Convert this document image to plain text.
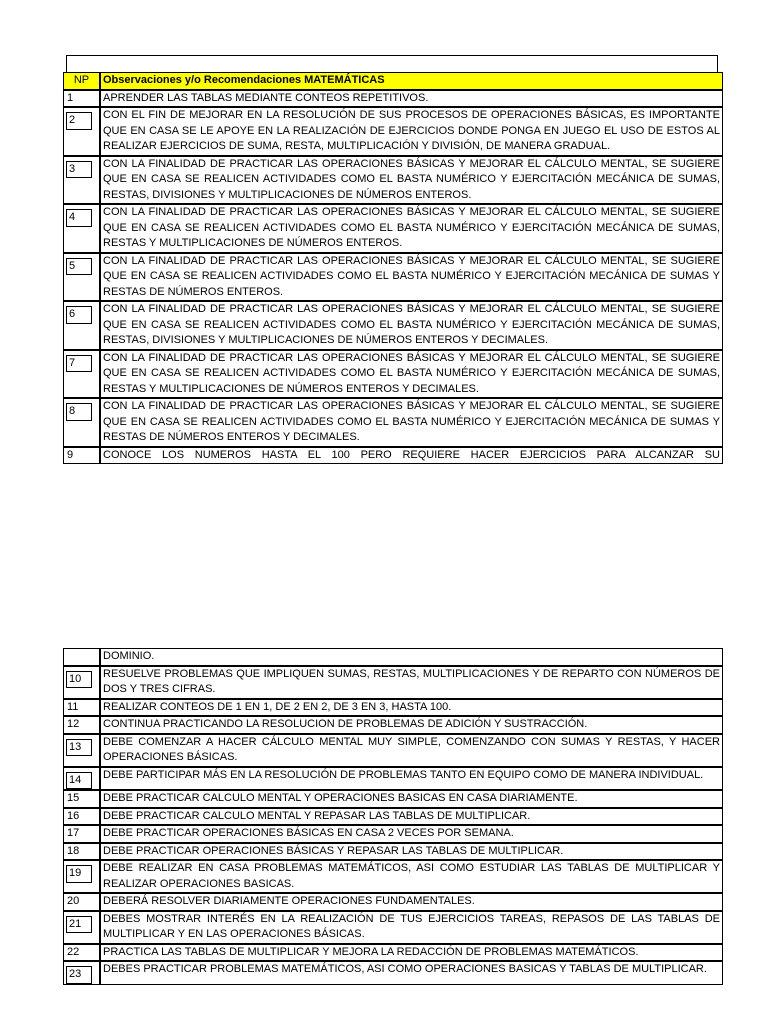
NP	Observaciones y/o Recomendaciones MATEMÁTICAS
1	APRENDER LAS TABLAS MEDIANTE CONTEOS REPETITIVOS.
2	CON EL FIN DE MEJORAR EN LA RESOLUCIÓN DE SUS PROCESOS DE OPERACIONES BÁSICAS, ES IMPORTANTE QUE EN CASA SE LE APOYE EN LA REALIZACIÓN DE EJERCICIOS DONDE PONGA EN JUEGO EL USO DE ESTOS AL REALIZAR EJERCICIOS DE SUMA, RESTA, MULTIPLICACIÓN Y DIVISIÓN, DE MANERA GRADUAL.
3	CON LA FINALIDAD DE PRACTICAR LAS OPERACIONES BÁSICAS Y MEJORAR EL CÁLCULO MENTAL, SE SUGIERE QUE EN CASA SE REALICEN ACTIVIDADES COMO EL BASTA NUMÉRICO Y EJERCITACIÓN MECÁNICA DE SUMAS, RESTAS, DIVISIONES Y MULTIPLICACIONES DE NÚMEROS ENTEROS.
4	CON LA FINALIDAD DE PRACTICAR LAS OPERACIONES BÁSICAS Y MEJORAR EL CÁLCULO MENTAL, SE SUGIERE QUE EN CASA SE REALICEN ACTIVIDADES COMO EL BASTA NUMÉRICO Y EJERCITACIÓN MECÁNICA DE SUMAS, RESTAS Y MULTIPLICACIONES DE NÚMEROS ENTEROS.
5	CON LA FINALIDAD DE PRACTICAR LAS OPERACIONES BÁSICAS Y MEJORAR EL CÁLCULO MENTAL, SE SUGIERE QUE EN CASA SE REALICEN ACTIVIDADES COMO EL BASTA NUMÉRICO Y EJERCITACIÓN MECÁNICA DE SUMAS Y RESTAS DE NÚMEROS ENTEROS.
6	CON LA FINALIDAD DE PRACTICAR LAS OPERACIONES BÁSICAS Y MEJORAR EL CÁLCULO MENTAL, SE SUGIERE QUE EN CASA SE REALICEN ACTIVIDADES COMO EL BASTA NUMÉRICO Y EJERCITACIÓN MECÁNICA DE SUMAS, RESTAS, DIVISIONES Y MULTIPLICACIONES DE NÚMEROS ENTEROS Y DECIMALES.
7	CON LA FINALIDAD DE PRACTICAR LAS OPERACIONES BÁSICAS Y MEJORAR EL CÁLCULO MENTAL, SE SUGIERE QUE EN CASA SE REALICEN ACTIVIDADES COMO EL BASTA NUMÉRICO Y EJERCITACIÓN MECÁNICA DE SUMAS, RESTAS Y MULTIPLICACIONES DE NÚMEROS ENTEROS Y DECIMALES.
8	CON LA FINALIDAD DE PRACTICAR LAS OPERACIONES BÁSICAS Y MEJORAR EL CÁLCULO MENTAL, SE SUGIERE QUE EN CASA SE REALICEN ACTIVIDADES COMO EL BASTA NUMÉRICO Y EJERCITACIÓN MECÁNICA DE SUMAS Y RESTAS DE NÚMEROS ENTEROS Y DECIMALES.
9	CONOCE LOS NUMEROS HASTA EL 100 PERO REQUIERE HACER EJERCICIOS PARA ALCANZAR SU
	DOMINIO.
10	RESUELVE PROBLEMAS QUE IMPLIQUEN SUMAS, RESTAS, MULTIPLICACIONES Y DE REPARTO CON NÚMEROS DE DOS Y TRES CIFRAS.
11	REALIZAR CONTEOS DE 1 EN 1, DE 2 EN 2, DE 3 EN 3, HASTA 100.
12	CONTINUA PRACTICANDO LA RESOLUCION DE PROBLEMAS DE ADICIÓN Y SUSTRACCIÓN.
13	DEBE COMENZAR A HACER CÁLCULO MENTAL MUY SIMPLE, COMENZANDO CON SUMAS Y RESTAS, Y HACER OPERACIONES BÁSICAS.
14	DEBE PARTICIPAR MÁS EN LA RESOLUCIÓN DE PROBLEMAS TANTO EN EQUIPO COMO DE MANERA INDIVIDUAL.
15	DEBE PRACTICAR CALCULO MENTAL Y OPERACIONES BASICAS EN CASA DIARIAMENTE.
16	DEBE PRACTICAR CALCULO MENTAL Y REPASAR LAS TABLAS DE MULTIPLICAR.
17	DEBE PRACTICAR OPERACIONES BÁSICAS EN CASA 2 VECES POR SEMANA.
18	DEBE PRACTICAR OPERACIONES BÁSICAS Y REPASAR LAS TABLAS DE MULTIPLICAR.
19	DEBE REALIZAR EN CASA PROBLEMAS MATEMÁTICOS, ASI COMO ESTUDIAR LAS TABLAS DE MULTIPLICAR Y REALIZAR OPERACIONES BASICAS.
20	DEBERÁ RESOLVER DIARIAMENTE OPERACIONES FUNDAMENTALES.
21	DEBES MOSTRAR INTERÉS EN LA REALIZACIÓN DE TUS EJERCICIOS TAREAS, REPASOS DE LAS TABLAS DE MULTIPLICAR Y EN LAS OPERACIONES BÁSICAS.
22	PRACTICA LAS TABLAS DE MULTIPLICAR Y MEJORA LA REDACCIÓN DE PROBLEMAS MATEMÁTICOS.
23	DEBES PRACTICAR PROBLEMAS MATEMÁTICOS, ASI COMO OPERACIONES BASICAS Y TABLAS DE MULTIPLICAR.
